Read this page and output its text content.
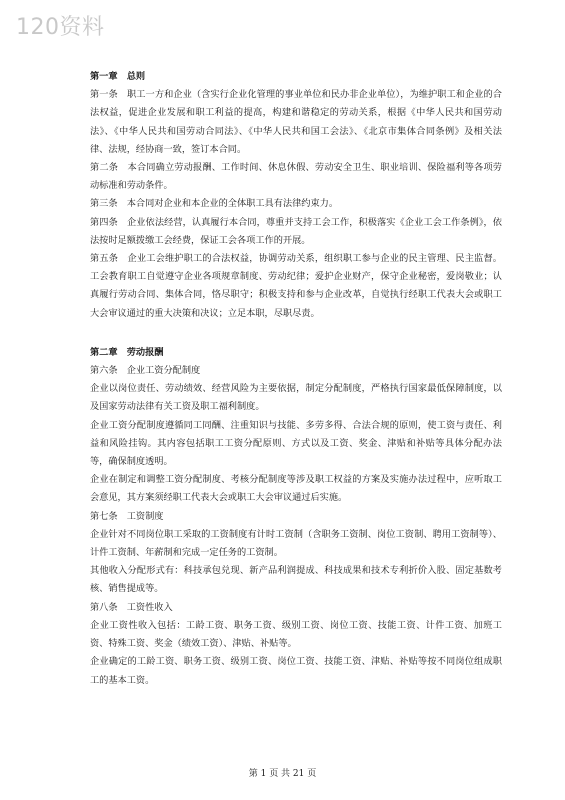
120资料

第一章　总则

第一条　职工一方和企业（含实行企业化管理的事业单位和民办非企业单位），为维护职工和企业的合法权益，促进企业发展和职工利益的提高，构建和谐稳定的劳动关系，根据《中华人民共和国劳动法》、《中华人民共和国劳动合同法》、《中华人民共和国工会法》、《北京市集体合同条例》及相关法律、法规，经协商一致，签订本合同。

第二条　本合同确立劳动报酬、工作时间、休息休假、劳动安全卫生、职业培训、保险福利等各项劳动标准和劳动条件。

第三条　本合同对企业和本企业的全体职工具有法律约束力。

第四条　企业依法经营，认真履行本合同，尊重并支持工会工作，积极落实《企业工会工作条例》，依法按时足额拨缴工会经费，保证工会各项工作的开展。

第五条　企业工会维护职工的合法权益，协调劳动关系，组织职工参与企业的民主管理、民主监督。工会教育职工自觉遵守企业各项规章制度、劳动纪律；爱护企业财产，保守企业秘密，爱岗敬业；认真履行劳动合同、集体合同，恪尽职守；积极支持和参与企业改革，自觉执行经职工代表大会或职工大会审议通过的重大决策和决议；立足本职，尽职尽责。

第二章　劳动报酬

第六条　企业工资分配制度

企业以岗位责任、劳动绩效、经营风险为主要依据，制定分配制度，严格执行国家最低保障制度，以及国家劳动法律有关工资及职工福利制度。

企业工资分配制度遵循同工同酬、注重知识与技能、多劳多得、合法合规的原则，使工资与责任、利益和风险挂钩。其内容包括职工工资分配原则、方式以及工资、奖金、津贴和补贴等具体分配办法等，确保制度透明。

企业在制定和调整工资分配制度、考核分配制度等涉及职工权益的方案及实施办法过程中，应听取工会意见，其方案须经职工代表大会或职工大会审议通过后实施。

第七条　工资制度

企业针对不同岗位职工采取的工资制度有计时工资制（含职务工资制、岗位工资制、聘用工资制等）、计件工资制、年薪制和完成一定任务的工资制。

其他收入分配形式有：科技承包兑现、新产品利润提成、科技成果和技术专利折价入股、固定基数考核、销售提成等。

第八条　工资性收入

企业工资性收入包括：工龄工资、职务工资、级别工资、岗位工资、技能工资、计件工资、加班工资、特殊工资、奖金（绩效工资）、津贴、补贴等。

企业确定的工龄工资、职务工资、级别工资、岗位工资、技能工资、津贴、补贴等按不同岗位组成职工的基本工资。

第 1 页 共 21 页
